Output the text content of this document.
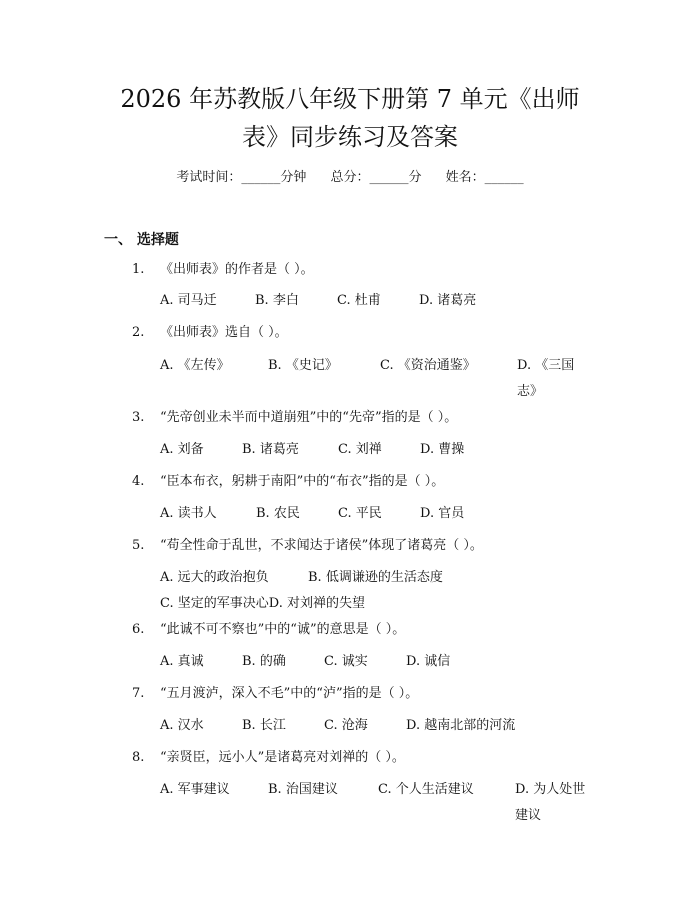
2026 年苏教版八年级下册第 7 单元《出师
表》同步练习及答案
考试时间：______分钟 总分：______分 姓名：______
一、 选择题
1. 《出师表》的作者是（ ）。
A. 司马迁	B. 李白	C. 杜甫	D. 诸葛亮
2. 《出师表》选自（ ）。
A. 《左传》	B. 《史记》	C. 《资治通鉴》	D. 《三国志》
3. “先帝创业未半而中道崩殂”中的“先帝”指的是（ ）。
A. 刘备	B. 诸葛亮	C. 刘禅	D. 曹操
4. “臣本布衣，躬耕于南阳”中的“布衣”指的是（ ）。
A. 读书人	B. 农民	C. 平民	D. 官员
5. “苟全性命于乱世，不求闻达于诸侯”体现了诸葛亮（ ）。
A. 远大的政治抱负	B. 低调谦逊的生活态度C. 坚定的军事决心D. 对刘禅的失望
6. “此诚不可不察也”中的“诚”的意思是（ ）。
A. 真诚	B. 的确	C. 诚实	D. 诚信
7. “五月渡泸，深入不毛”中的“泸”指的是（ ）。
A. 汉水	B. 长江	C. 沧海	D. 越南北部的河流
8. “亲贤臣，远小人”是诸葛亮对刘禅的（ ）。
A. 军事建议	B. 治国建议	C. 个人生活建议	D. 为人处世建议
